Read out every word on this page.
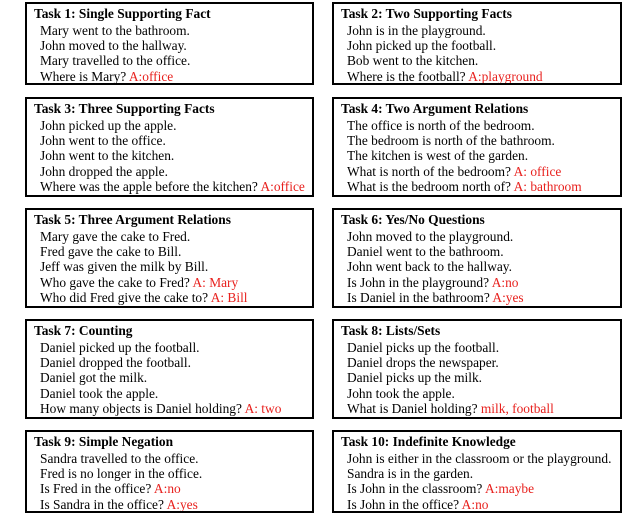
Task 1: Single Supporting Fact
Mary went to the bathroom.
John moved to the hallway.
Mary travelled to the office.
Where is Mary? A:office
Task 2: Two Supporting Facts
John is in the playground.
John picked up the football.
Bob went to the kitchen.
Where is the football? A:playground
Task 3: Three Supporting Facts
John picked up the apple.
John went to the office.
John went to the kitchen.
John dropped the apple.
Where was the apple before the kitchen? A:office
Task 4: Two Argument Relations
The office is north of the bedroom.
The bedroom is north of the bathroom.
The kitchen is west of the garden.
What is north of the bedroom? A: office
What is the bedroom north of? A: bathroom
Task 5: Three Argument Relations
Mary gave the cake to Fred.
Fred gave the cake to Bill.
Jeff was given the milk by Bill.
Who gave the cake to Fred? A: Mary
Who did Fred give the cake to? A: Bill
Task 6: Yes/No Questions
John moved to the playground.
Daniel went to the bathroom.
John went back to the hallway.
Is John in the playground? A:no
Is Daniel in the bathroom? A:yes
Task 7: Counting
Daniel picked up the football.
Daniel dropped the football.
Daniel got the milk.
Daniel took the apple.
How many objects is Daniel holding? A: two
Task 8: Lists/Sets
Daniel picks up the football.
Daniel drops the newspaper.
Daniel picks up the milk.
John took the apple.
What is Daniel holding? milk, football
Task 9: Simple Negation
Sandra travelled to the office.
Fred is no longer in the office.
Is Fred in the office? A:no
Is Sandra in the office? A:yes
Task 10: Indefinite Knowledge
John is either in the classroom or the playground.
Sandra is in the garden.
Is John in the classroom? A:maybe
Is John in the office? A:no
